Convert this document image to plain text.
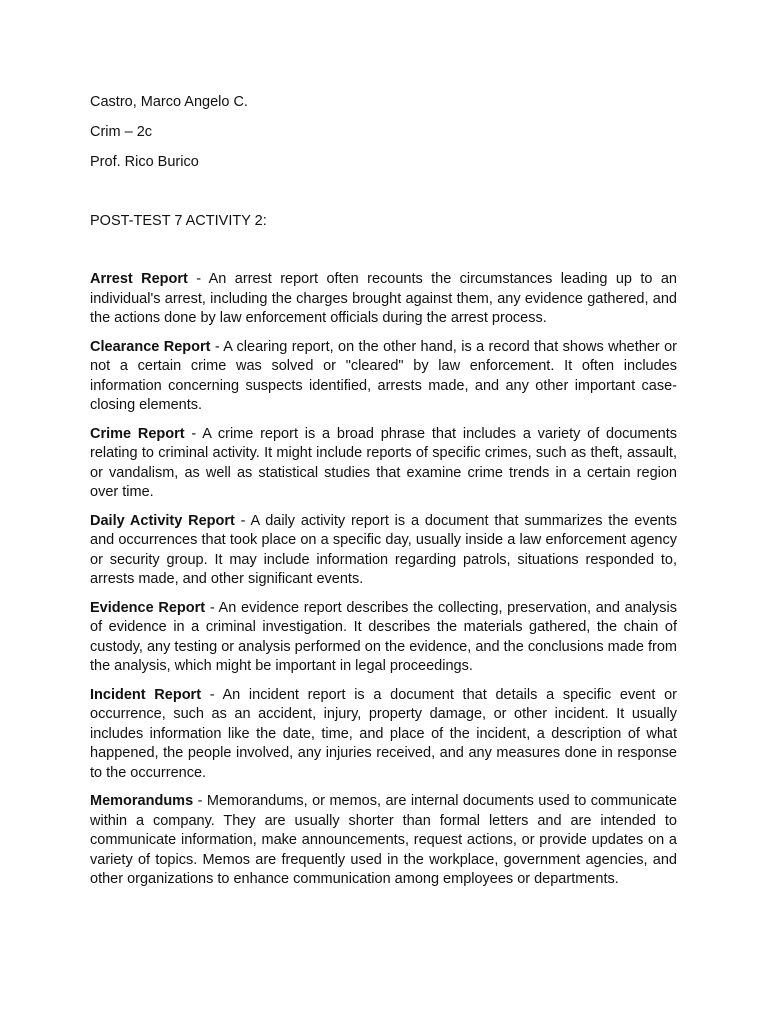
Castro, Marco Angelo C.
Crim – 2c
Prof. Rico Burico
POST-TEST 7 ACTIVITY 2:

Arrest Report - An arrest report often recounts the circumstances leading up to an individual's arrest, including the charges brought against them, any evidence gathered, and the actions done by law enforcement officials during the arrest process.

Clearance Report - A clearing report, on the other hand, is a record that shows whether or not a certain crime was solved or "cleared" by law enforcement. It often includes information concerning suspects identified, arrests made, and any other important case-closing elements.

Crime Report - A crime report is a broad phrase that includes a variety of documents relating to criminal activity. It might include reports of specific crimes, such as theft, assault, or vandalism, as well as statistical studies that examine crime trends in a certain region over time.

Daily Activity Report - A daily activity report is a document that summarizes the events and occurrences that took place on a specific day, usually inside a law enforcement agency or security group. It may include information regarding patrols, situations responded to, arrests made, and other significant events.

Evidence Report - An evidence report describes the collecting, preservation, and analysis of evidence in a criminal investigation. It describes the materials gathered, the chain of custody, any testing or analysis performed on the evidence, and the conclusions made from the analysis, which might be important in legal proceedings.

Incident Report - An incident report is a document that details a specific event or occurrence, such as an accident, injury, property damage, or other incident. It usually includes information like the date, time, and place of the incident, a description of what happened, the people involved, any injuries received, and any measures done in response to the occurrence.

Memorandums - Memorandums, or memos, are internal documents used to communicate within a company. They are usually shorter than formal letters and are intended to communicate information, make announcements, request actions, or provide updates on a variety of topics. Memos are frequently used in the workplace, government agencies, and other organizations to enhance communication among employees or departments.
